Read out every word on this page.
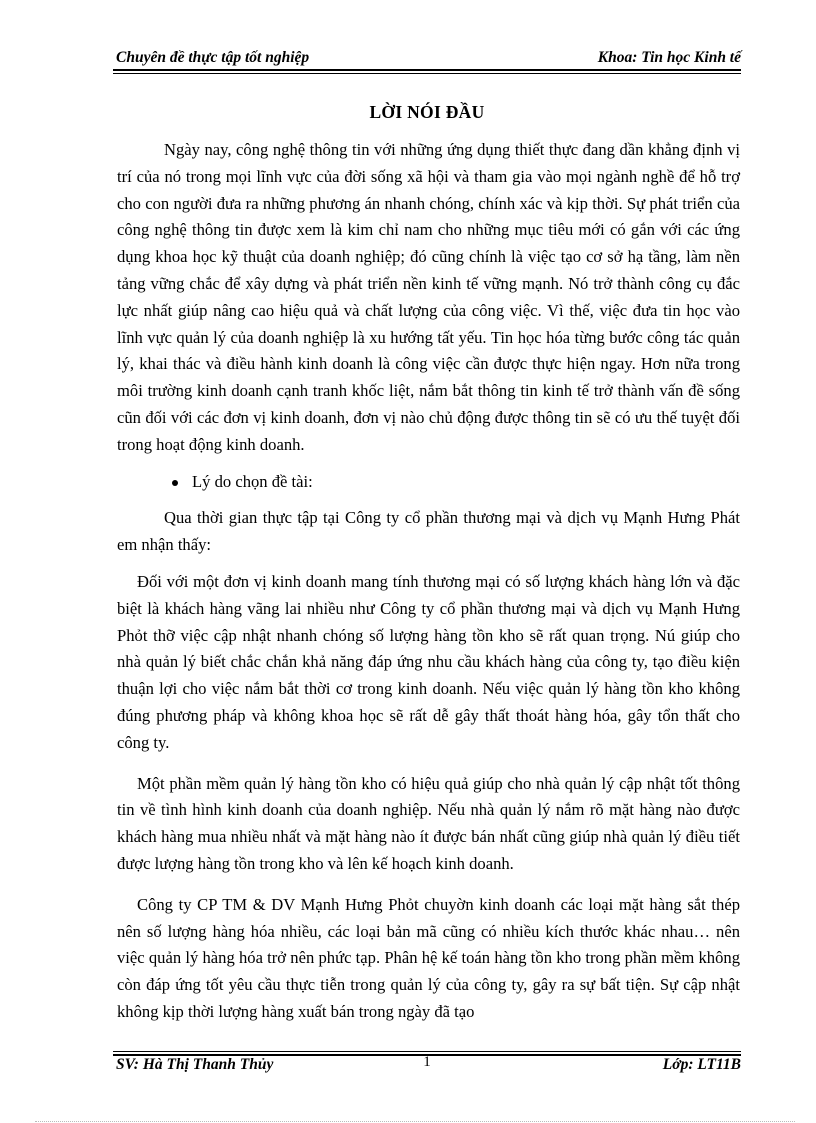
Chuyên đề thực tập tốt nghiệp	Khoa: Tin học Kinh tế
LỜI NÓI ĐẦU

Ngày nay, công nghệ thông tin với những ứng dụng thiết thực đang dần khẳng định vị trí của nó trong mọi lĩnh vực của đời sống xã hội và tham gia vào mọi ngành nghề để hỗ trợ cho con người đưa ra những phương án nhanh chóng, chính xác và kịp thời. Sự phát triển của công nghệ thông tin được xem là kim chỉ nam cho những mục tiêu mới có gắn với các ứng dụng khoa học kỹ thuật của doanh nghiệp; đó cũng chính là việc tạo cơ sở hạ tầng, làm nền tảng vững chắc để xây dựng và phát triển nền kinh tế vững mạnh. Nó trở thành công cụ đắc lực nhất giúp nâng cao hiệu quả và chất lượng của công việc. Vì thế, việc đưa tin học vào lĩnh vực quản lý của doanh nghiệp là xu hướng tất yếu. Tin học hóa từng bước công tác quản lý, khai thác và điều hành kinh doanh là công việc cần được thực hiện ngay. Hơn nữa trong môi trường kinh doanh cạnh tranh khốc liệt, nắm bắt thông tin kinh tế trở thành vấn đề sống cũn đối với các đơn vị kinh doanh, đơn vị nào chủ động được thông tin sẽ có ưu thế tuyệt đối trong hoạt động kinh doanh.

Lý do chọn đề tài:

Qua thời gian thực tập tại Công ty cổ phần thương mại và dịch vụ Mạnh Hưng Phát em nhận thấy:

Đối với một đơn vị kinh doanh mang tính thương mại có số lượng khách hàng lớn và đặc biệt là khách hàng vãng lai nhiều như Công ty cổ phần thương mại và dịch vụ Mạnh Hưng Phỏt thỡ việc cập nhật nhanh chóng số lượng hàng tồn kho sẽ rất quan trọng. Nú giúp cho nhà quản lý biết chắc chắn khả năng đáp ứng nhu cầu khách hàng của công ty, tạo điều kiện thuận lợi cho việc nắm bắt thời cơ trong kinh doanh. Nếu việc quản lý hàng tồn kho không đúng phương pháp và không khoa học sẽ rất dễ gây thất thoát hàng hóa, gây tổn thất cho công ty.

Một phần mềm quản lý hàng tồn kho có hiệu quả giúp cho nhà quản lý cập nhật tốt thông tin về tình hình kinh doanh của doanh nghiệp. Nếu nhà quản lý nắm rõ mặt hàng nào được khách hàng mua nhiều nhất và mặt hàng nào ít được bán nhất cũng giúp nhà quản lý điều tiết được lượng hàng tồn trong kho và lên kế hoạch kinh doanh.

Công ty CP TM & DV Mạnh Hưng Phỏt chuyờn kinh doanh các loại mặt hàng sắt thép nên số lượng hàng hóa nhiều, các loại bản mã cũng có nhiều kích thước khác nhau… nên việc quản lý hàng hóa trở nên phức tạp. Phân hệ kế toán hàng tồn kho trong phần mềm không còn đáp ứng tốt yêu cầu thực tiễn trong quản lý của công ty, gây ra sự bất tiện. Sự cập nhật không kịp thời lượng hàng xuất bán trong ngày đã tạo

1
SV: Hà Thị Thanh Thủy	Lớp: LT11B
